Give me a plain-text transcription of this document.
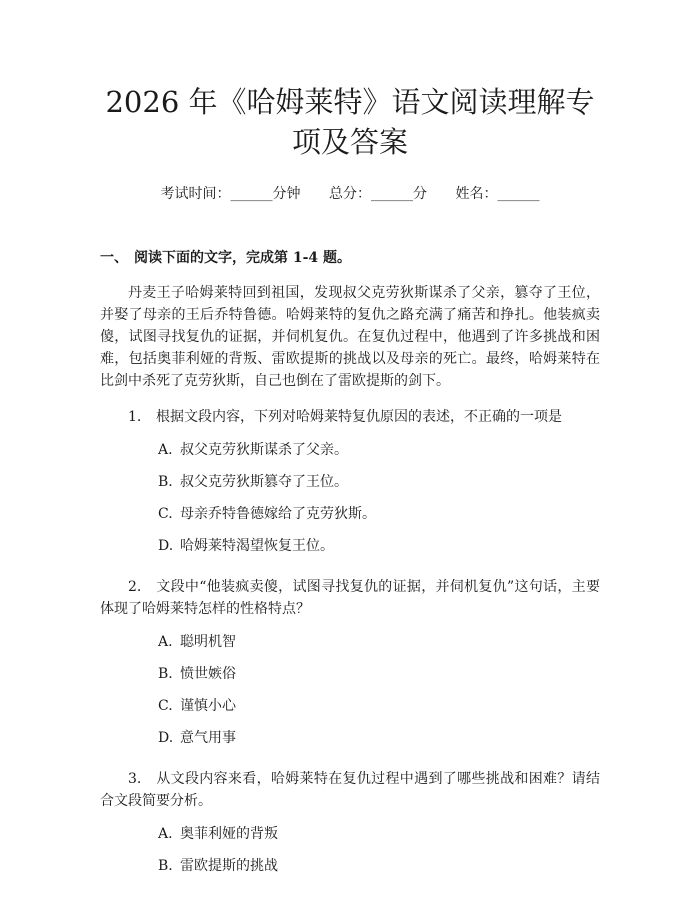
2026 年《哈姆莱特》语文阅读理解专项及答案
考试时间：______分钟 总分：______分 姓名：______
一、 阅读下面的文字，完成第 1-4 题。

丹麦王子哈姆莱特回到祖国，发现叔父克劳狄斯谋杀了父亲，篡夺了王位，并娶了母亲的王后乔特鲁德。哈姆莱特的复仇之路充满了痛苦和挣扎。他装疯卖傻，试图寻找复仇的证据，并伺机复仇。在复仇过程中，他遇到了许多挑战和困难，包括奥菲利娅的背叛、雷欧提斯的挑战以及母亲的死亡。最终，哈姆莱特在比剑中杀死了克劳狄斯，自己也倒在了雷欧提斯的剑下。

1. 根据文段内容，下列对哈姆莱特复仇原因的表述，不正确的一项是
A. 叔父克劳狄斯谋杀了父亲。
B. 叔父克劳狄斯篡夺了王位。
C. 母亲乔特鲁德嫁给了克劳狄斯。
D. 哈姆莱特渴望恢复王位。
2. 文段中“他装疯卖傻，试图寻找复仇的证据，并伺机复仇”这句话，主要体现了哈姆莱特怎样的性格特点？
A. 聪明机智
B. 愤世嫉俗
C. 谨慎小心
D. 意气用事
3. 从文段内容来看，哈姆莱特在复仇过程中遇到了哪些挑战和困难？请结合文段简要分析。
A. 奥菲利娅的背叛
B. 雷欧提斯的挑战
